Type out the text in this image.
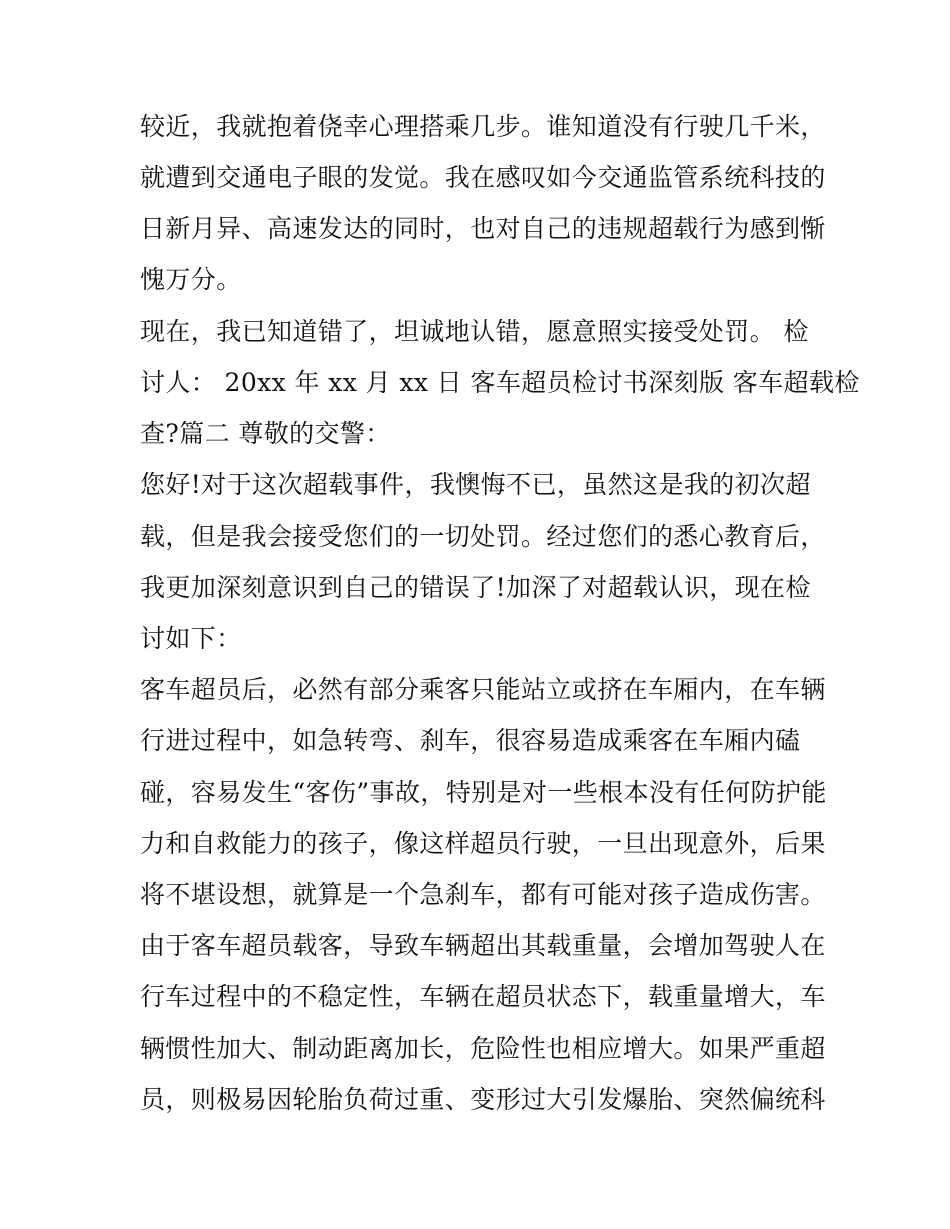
较近，我就抱着侥幸心理搭乘几步。谁知道没有行驶几千米，
就遭到交通电子眼的发觉。我在感叹如今交通监管系统科技的
日新月异、高速发达的同时，也对自己的违规超载行为感到惭
愧万分。
现在，我已知道错了，坦诚地认错，愿意照实接受处罚。 检
讨人： 20xx 年 xx 月 xx 日 客车超员检讨书深刻版 客车超载检
查?篇二 尊敬的交警：
您好!对于这次超载事件，我懊悔不已，虽然这是我的初次超
载，但是我会接受您们的一切处罚。经过您们的悉心教育后，
我更加深刻意识到自己的错误了!加深了对超载认识，现在检
讨如下：
客车超员后，必然有部分乘客只能站立或挤在车厢内，在车辆
行进过程中，如急转弯、刹车，很容易造成乘客在车厢内磕
碰，容易发生“客伤”事故，特别是对一些根本没有任何防护能
力和自救能力的孩子，像这样超员行驶，一旦出现意外，后果
将不堪设想，就算是一个急刹车，都有可能对孩子造成伤害。
由于客车超员载客，导致车辆超出其载重量，会增加驾驶人在
行车过程中的不稳定性，车辆在超员状态下，载重量增大，车
辆惯性加大、制动距离加长，危险性也相应增大。如果严重超
员，则极易因轮胎负荷过重、变形过大引发爆胎、突然偏统科
